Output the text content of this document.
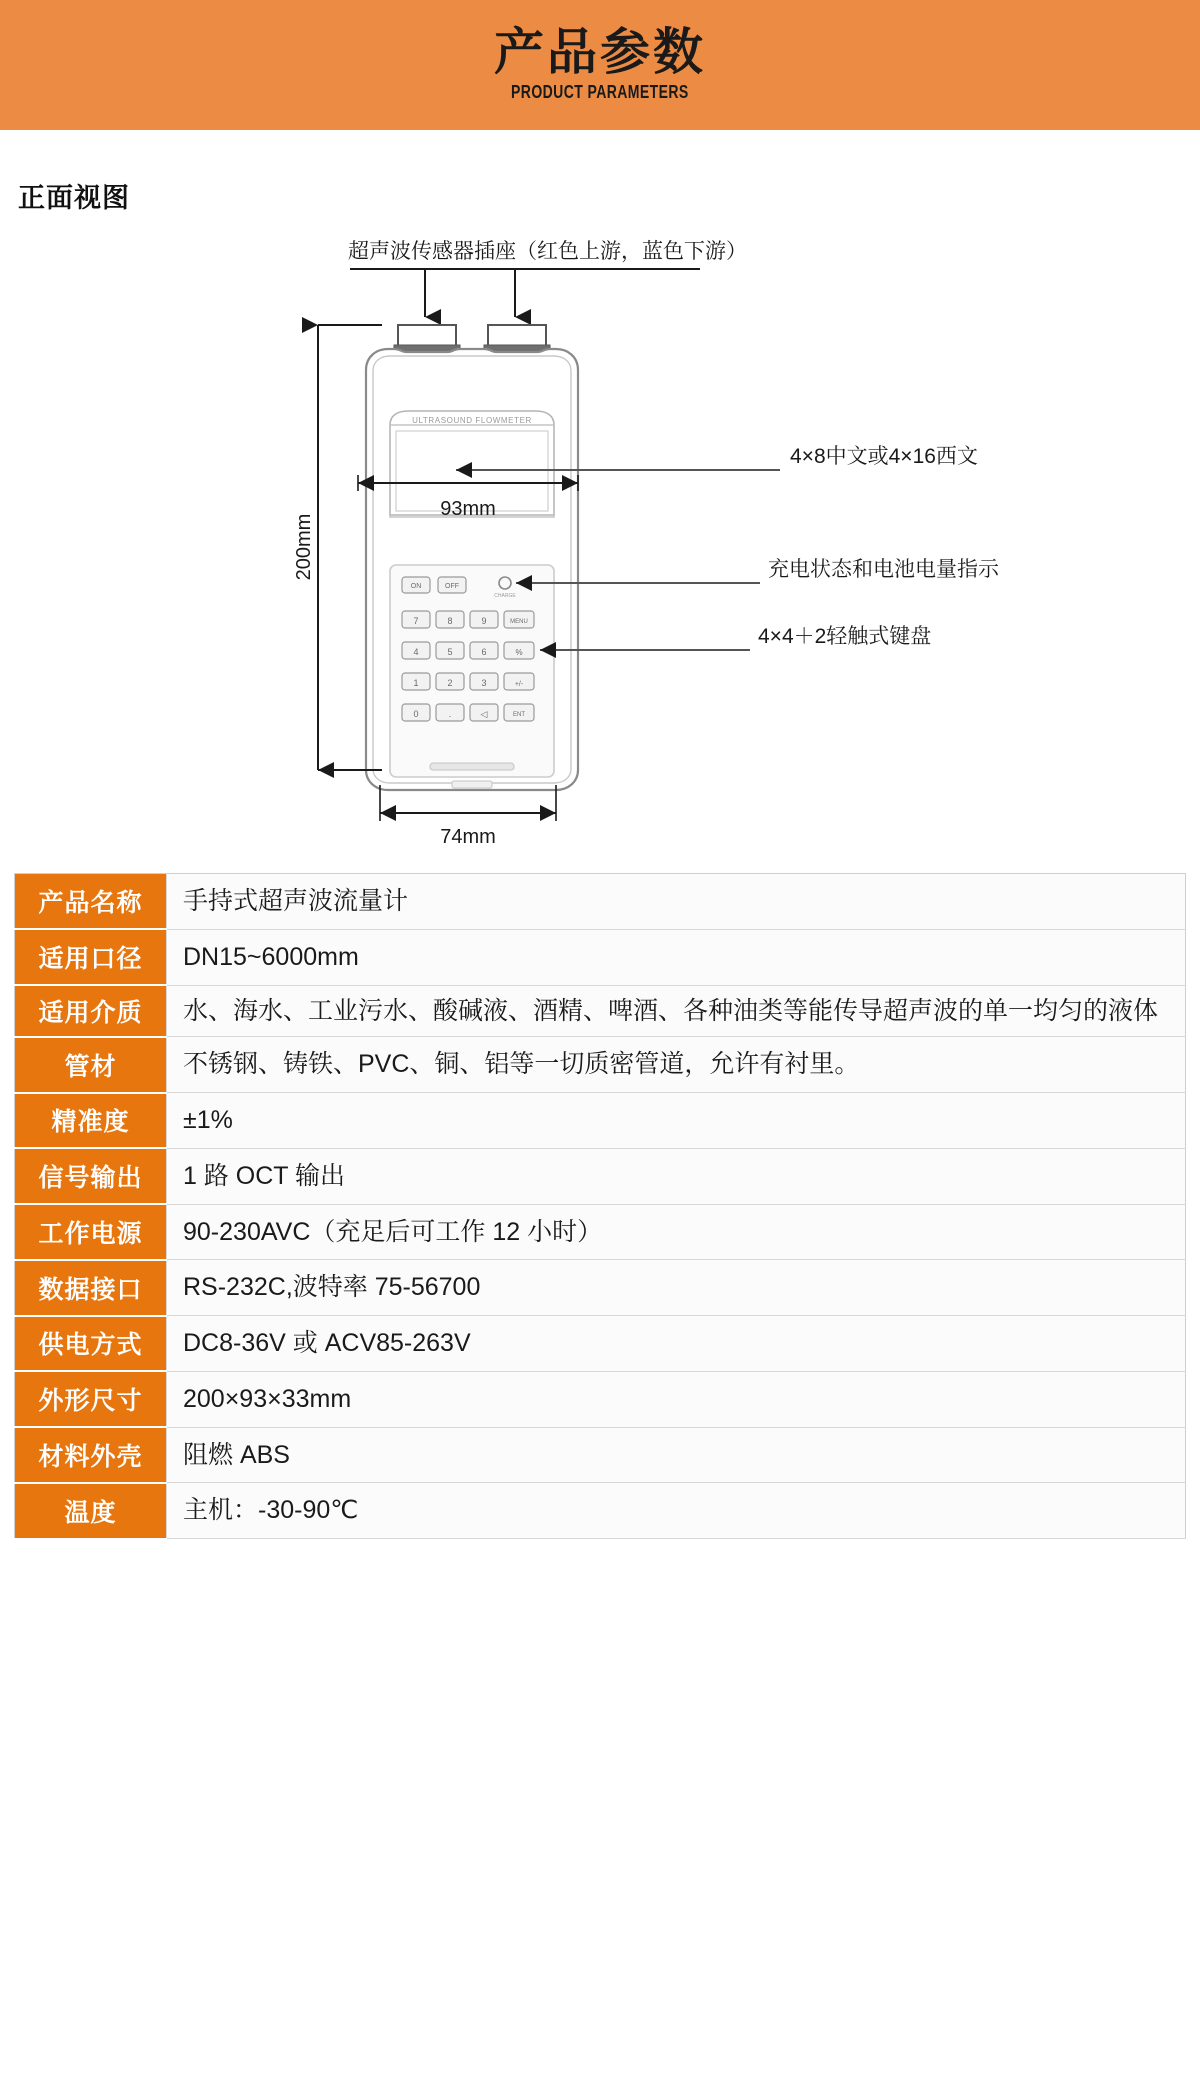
产品参数
PRODUCT PARAMETERS
正面视图
超声波传感器插座（红色上游，蓝色下游）
ULTRASOUND FLOWMETER
ON	OFF
CHARGE
7	8	9	MENU
4	5	6	%
1	2	3	+/-
0	.	◁	ENT
200mm
93mm
74mm
4×8中文或4×16西文
充电状态和电池电量指示
4×4＋2轻触式键盘
产品名称	手持式超声波流量计
适用口径	DN15~6000mm
适用介质	水、海水、工业污水、酸碱液、酒精、啤酒、各种油类等能传导超声波的单一均匀的液体
管材	不锈钢、铸铁、PVC、铜、铝等一切质密管道，允许有衬里。
精准度	±1%
信号输出	1 路 OCT 输出
工作电源	90-230AVC（充足后可工作 12 小时）
数据接口	RS-232C,波特率 75-56700
供电方式	DC8-36V 或 ACV85-263V
外形尺寸	200×93×33mm
材料外壳	阻燃 ABS
温度	主机：-30-90℃
